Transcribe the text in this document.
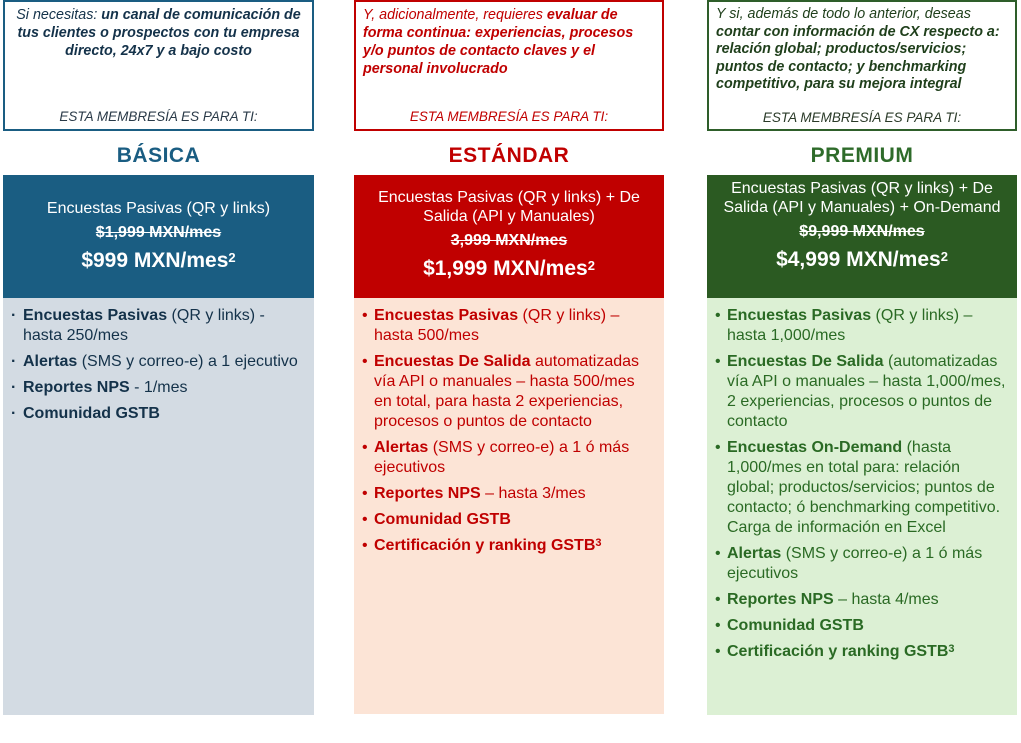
Si necesitas: un canal de comunicación de tus clientes o prospectos con tu empresa directo, 24x7 y a bajo costo
ESTA MEMBRESÍA ES PARA TI:
BÁSICA
Encuestas Pasivas (QR y links)
$1,999 MXN/mes
$999 MXN/mes$^2$
· Encuestas Pasivas (QR y links) - hasta 250/mes
· Alertas (SMS y correo-e) a 1 ejecutivo
· Reportes NPS - 1/mes
· Comunidad GSTB
Y, adicionalmente, requieres evaluar de forma continua: experiencias, procesos y/o puntos de contacto claves y el personal involucrado
ESTA MEMBRESÍA ES PARA TI:
ESTÁNDAR
Encuestas Pasivas (QR y links) + De Salida (API y Manuales)
3,999 MXN/mes
$1,999 MXN/mes$^2$
• Encuestas Pasivas (QR y links) – hasta 500/mes
• Encuestas De Salida automatizadas vía API o manuales – hasta 500/mes en total, para hasta 2 experiencias, procesos o puntos de contacto
• Alertas (SMS y correo-e) a 1 ó más ejecutivos
• Reportes NPS – hasta 3/mes
• Comunidad GSTB
• Certificación y ranking GSTB$^3$
Y si, además de todo lo anterior, deseas contar con información de CX respecto a: relación global; productos/servicios; puntos de contacto; y benchmarking competitivo, para su mejora integral
ESTA MEMBRESÍA ES PARA TI:
PREMIUM
Encuestas Pasivas (QR y links) + De Salida (API y Manuales) + On-Demand
$9,999 MXN/mes
$4,999 MXN/mes$^2$
• Encuestas Pasivas (QR y links) – hasta 1,000/mes
• Encuestas De Salida (automatizadas vía API o manuales – hasta 1,000/mes, 2 experiencias, procesos o puntos de contacto
• Encuestas On-Demand (hasta 1,000/mes en total para: relación global; productos/servicios; puntos de contacto; ó benchmarking competitivo. Carga de información en Excel
• Alertas (SMS y correo-e) a 1 ó más ejecutivos
• Reportes NPS – hasta 4/mes
• Comunidad GSTB
• Certificación y ranking GSTB$^3$
